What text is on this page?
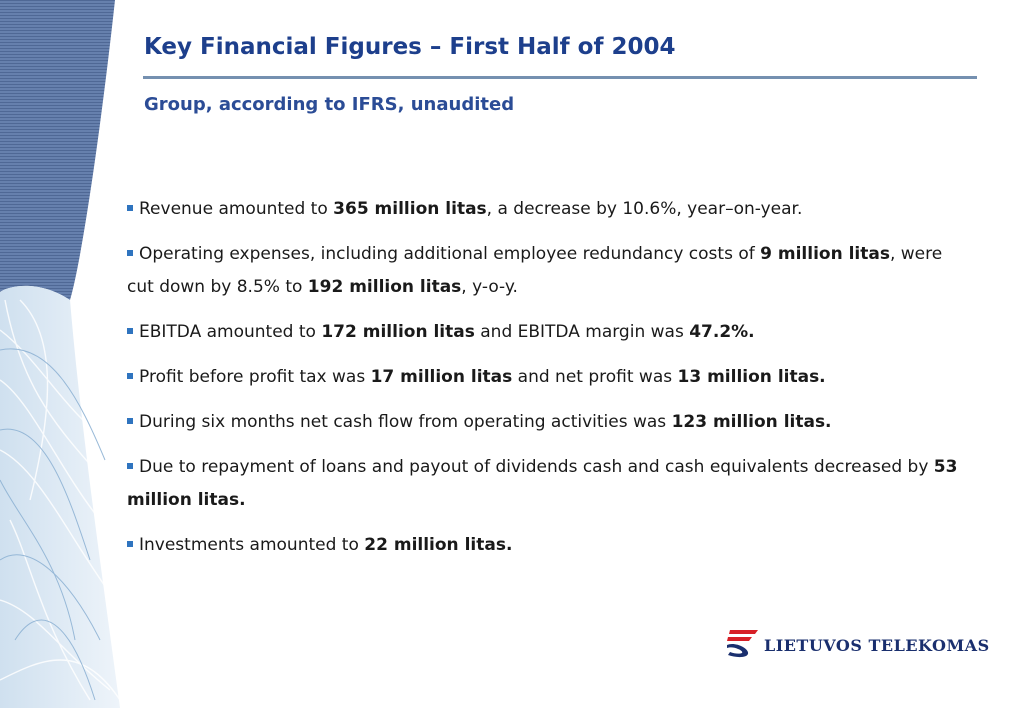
Key Financial Figures – First Half of 2004
Group, according to IFRS, unaudited
Revenue amounted to 365 million litas, a decrease by 10.6%, year–on-year.
Operating expenses, including additional employee redundancy costs of 9 million litas, were cut down by 8.5% to 192 million litas, y-o-y.
EBITDA amounted to 172 million litas and EBITDA margin was 47.2%.
Profit before profit tax was 17 million litas and net profit was 13 million litas.
During six months net cash flow from operating activities was 123 million litas.
Due to repayment of loans and payout of dividends cash and cash equivalents decreased by 53 million litas.
Investments amounted to 22 million litas.

LIETUVOS TELEKOMAS
